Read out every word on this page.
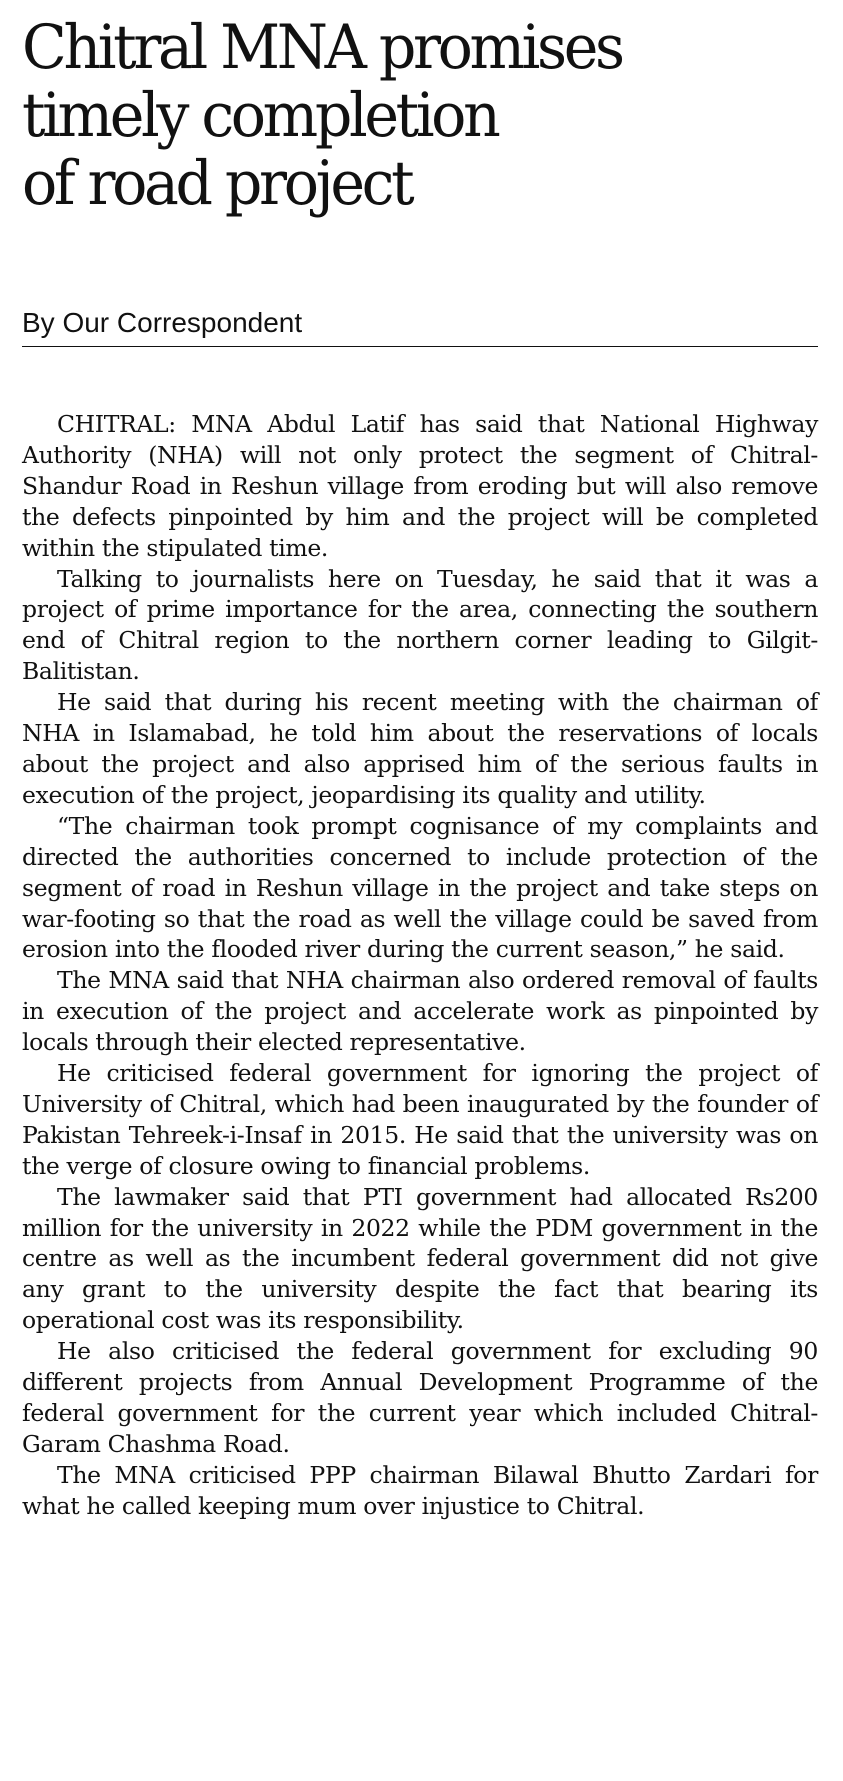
Chitral MNA promises
timely completion
of road project
By Our Correspondent

CHITRAL: MNA Abdul Latif has said that National Highway Authority (NHA) will not only protect the segment of Chitral-Shandur Road in Reshun village from eroding but will also remove the defects pinpointed by him and the project will be completed within the stipulated time.

Talking to journalists here on Tuesday, he said that it was a project of prime importance for the area, connecting the southern end of Chitral region to the northern corner leading to Gilgit-Balitistan.

He said that during his recent meeting with the chairman of NHA in Islamabad, he told him about the reservations of locals about the project and also apprised him of the serious faults in execution of the project, jeopardising its quality and utility.

“The chairman took prompt cognisance of my complaints and directed the authorities concerned to include protection of the segment of road in Reshun village in the project and take steps on war-footing so that the road as well the village could be saved from erosion into the flooded river during the current season,” he said.

The MNA said that NHA chairman also ordered removal of faults in execution of the project and accelerate work as pinpointed by locals through their elected representative.

He criticised federal government for ignoring the project of University of Chitral, which had been inaugurated by the founder of Pakistan Tehreek-i-Insaf in 2015. He said that the university was on the verge of closure owing to financial problems.

The lawmaker said that PTI government had allocated Rs200 million for the university in 2022 while the PDM government in the centre as well as the incumbent federal government did not give any grant to the university despite the fact that bearing its operational cost was its responsibility.

He also criticised the federal government for excluding 90 different projects from Annual Development Programme of the federal government for the current year which included Chitral-Garam Chashma Road.

The MNA criticised PPP chairman Bilawal Bhutto Zardari for what he called keeping mum over injustice to Chitral.
